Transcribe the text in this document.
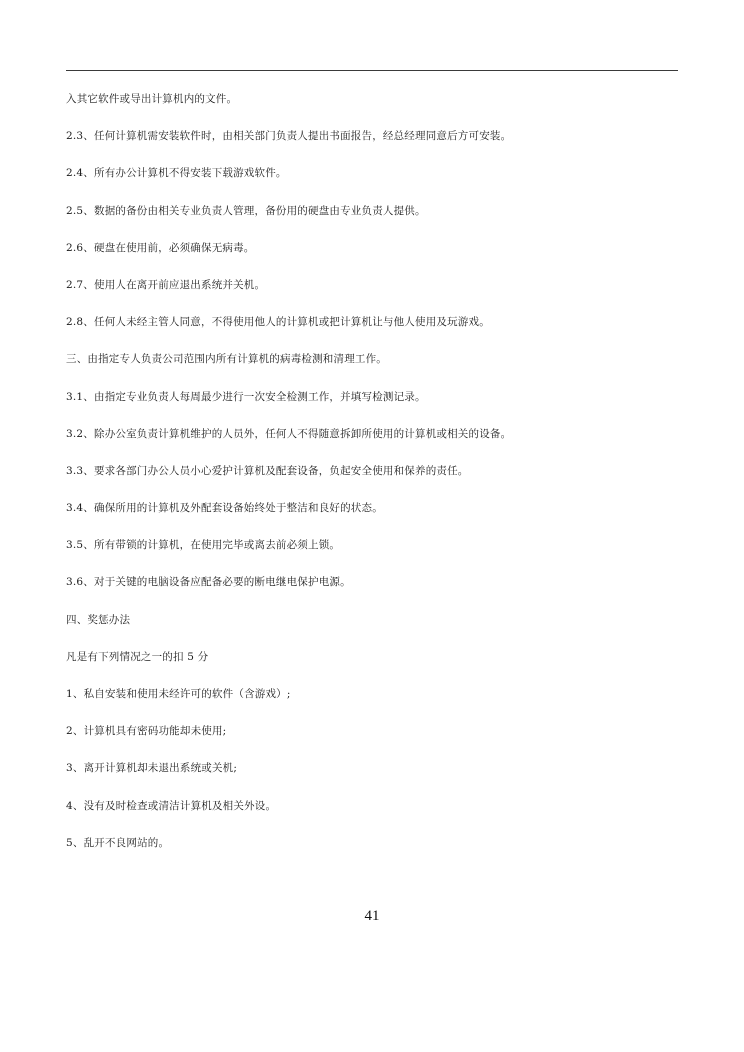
入其它软件或导出计算机内的文件。

2.3、任何计算机需安装软件时，由相关部门负责人提出书面报告，经总经理同意后方可安装。

2.4、所有办公计算机不得安装下载游戏软件。

2.5、数据的备份由相关专业负责人管理，备份用的硬盘由专业负责人提供。

2.6、硬盘在使用前，必须确保无病毒。

2.7、使用人在离开前应退出系统并关机。

2.8、任何人未经主管人同意，不得使用他人的计算机或把计算机让与他人使用及玩游戏。

三、由指定专人负责公司范围内所有计算机的病毒检测和清理工作。

3.1、由指定专业负责人每周最少进行一次安全检测工作，并填写检测记录。

3.2、除办公室负责计算机维护的人员外，任何人不得随意拆卸所使用的计算机或相关的设备。

3.3、要求各部门办公人员小心爱护计算机及配套设备，负起安全使用和保养的责任。

3.4、确保所用的计算机及外配套设备始终处于整洁和良好的状态。

3.5、所有带锁的计算机，在使用完毕或离去前必须上锁。

3.6、对于关键的电脑设备应配备必要的断电继电保护电源。

四、奖惩办法

凡是有下列情况之一的扣 5 分

1、私自安装和使用未经许可的软件（含游戏）;

2、计算机具有密码功能却未使用;

3、离开计算机却未退出系统或关机;

4、没有及时检查或清洁计算机及相关外设。

5、乱开不良网站的。

41
